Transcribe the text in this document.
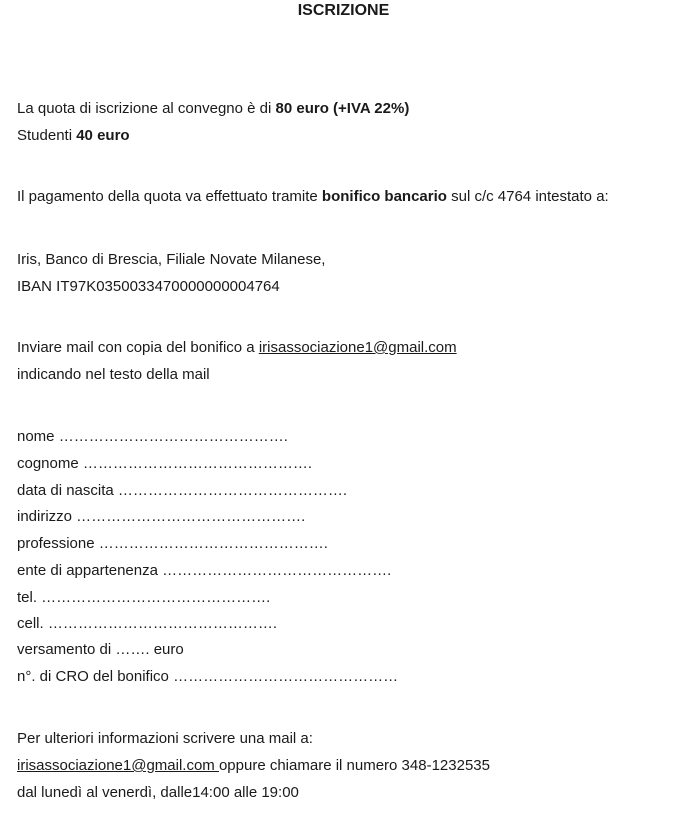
ISCRIZIONE
La quota di iscrizione al convegno è di 80 euro (+IVA 22%)
Studenti 40 euro
Il pagamento della quota va effettuato tramite bonifico bancario sul c/c 4764 intestato a:
Iris, Banco di Brescia, Filiale Novate Milanese,
IBAN IT97K0350033470000000004764
Inviare mail con copia del bonifico a irisassociazione1@gmail.com
indicando nel testo della mail
nome ……………………………………….
cognome ……………………………………….
data di nascita ……………………………………….
indirizzo ……………………………………….
professione ……………………………………….
ente di appartenenza ……………………………………….
tel. ……………………………………….
cell. ……………………………………….
versamento di ……. euro
n°. di CRO del bonifico ………………………………………
Per ulteriori informazioni scrivere una mail a:
irisassociazione1@gmail.com oppure chiamare il numero 348-1232535
dal lunedì al venerdì, dalle14:00 alle 19:00
